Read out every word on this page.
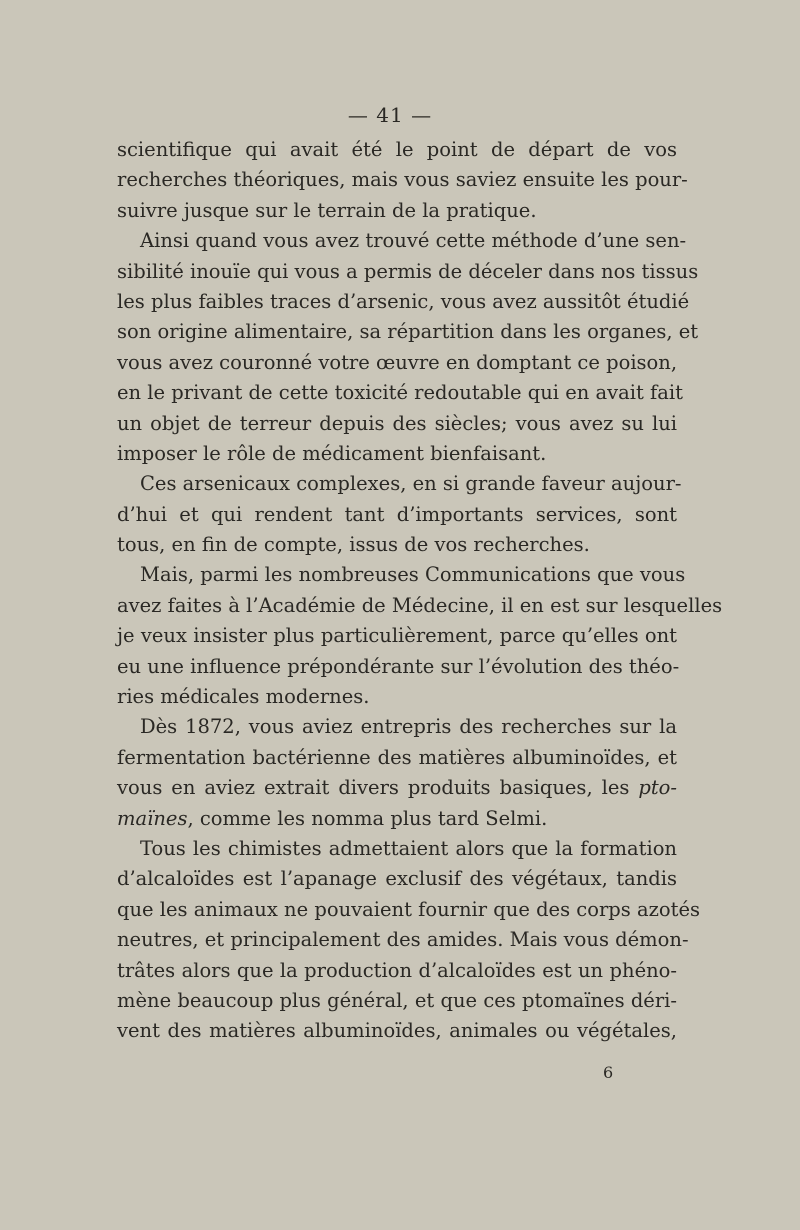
— 41 —
scientifique qui avait été le point de départ de vos
recherches théoriques, mais vous saviez ensuite les pour-
suivre jusque sur le terrain de la pratique.
Ainsi quand vous avez trouvé cette méthode d’une sen-
sibilité inouïe qui vous a permis de déceler dans nos tissus
les plus faibles traces d’arsenic, vous avez aussitôt étudié
son origine alimentaire, sa répartition dans les organes, et
vous avez couronné votre œuvre en domptant ce poison,
en le privant de cette toxicité redoutable qui en avait fait
un objet de terreur depuis des siècles; vous avez su lui
imposer le rôle de médicament bienfaisant.
Ces arsenicaux complexes, en si grande faveur aujour-
d’hui et qui rendent tant d’importants services, sont
tous, en fin de compte, issus de vos recherches.
Mais, parmi les nombreuses Communications que vous
avez faites à l’Académie de Médecine, il en est sur lesquelles
je veux insister plus particulièrement, parce qu’elles ont
eu une influence prépondérante sur l’évolution des théo-
ries médicales modernes.
Dès 1872, vous aviez entrepris des recherches sur la
fermentation bactérienne des matières albuminoïdes, et
vous en aviez extrait divers produits basiques, les pto-
maïnes, comme les nomma plus tard Selmi.
Tous les chimistes admettaient alors que la formation
d’alcaloïdes est l’apanage exclusif des végétaux, tandis
que les animaux ne pouvaient fournir que des corps azotés
neutres, et principalement des amides. Mais vous démon-
trâtes alors que la production d’alcaloïdes est un phéno-
mène beaucoup plus général, et que ces ptomaïnes déri-
vent des matières albuminoïdes, animales ou végétales,
6
